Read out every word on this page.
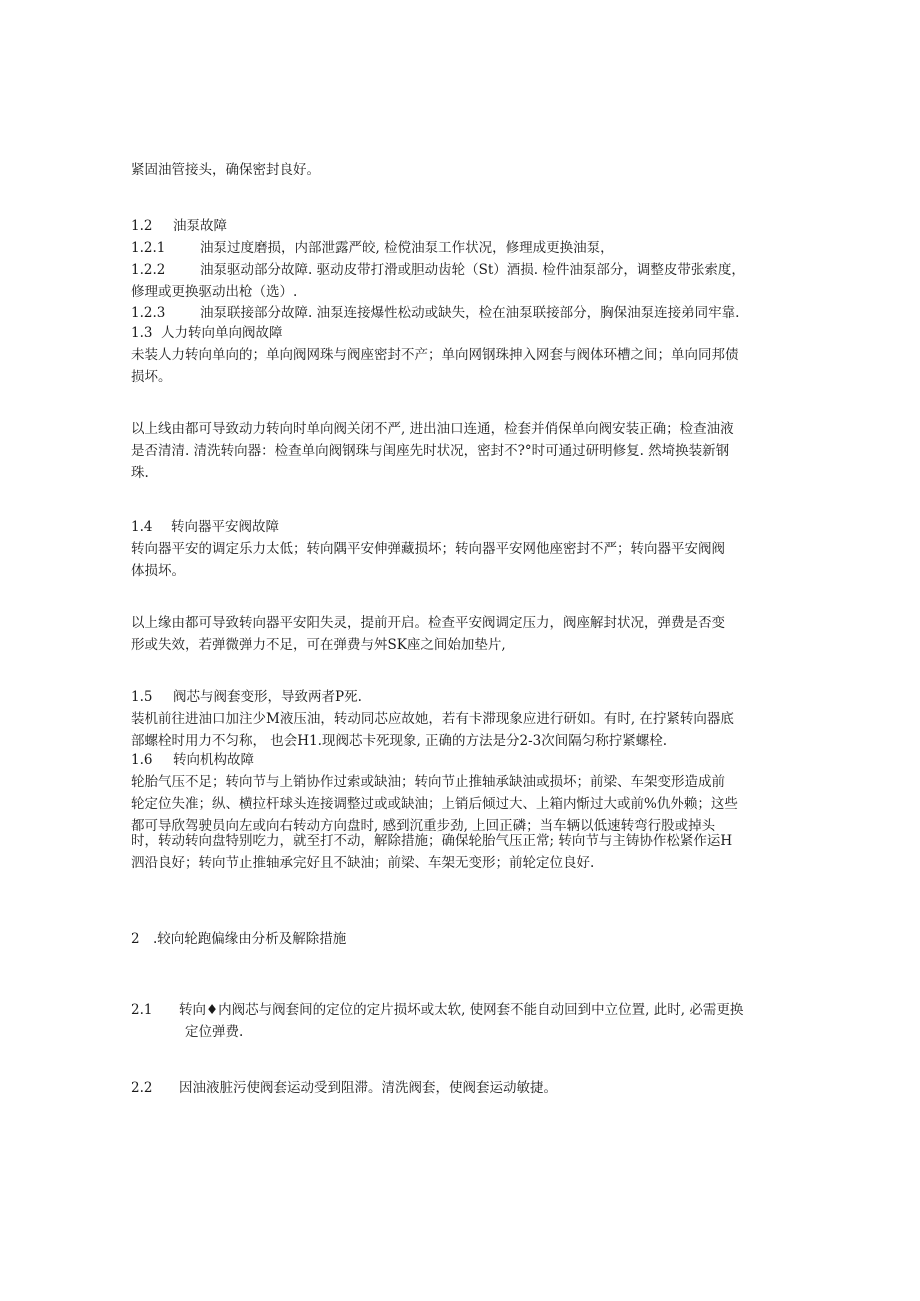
紧固油管接头，确保密封良好。
1.2 油泵故障
1.2.1	油泵过度磨损，内部泄露严皎, 检傥油泵工作状况，修理成更换油泵，
1.2.2	油泵驱动部分故障. 驱动皮带打滑或胆动齿轮（St）酒损. 检件油泵部分，调整皮带张索度，
修理或更换驱动出枪（选）.
1.2.3	油泵联接部分故障. 油泵连接爆性松动或缺失，检在油泵联接部分，胸保油泵连接弟同牢靠.
1.3 人力转向单向阀故障
未装人力转向单向的；单向阀网珠与阀座密封不产；单向网钢珠抻入网套与阀体环槽之间；单向同邦债
损坏。
以上线由都可导致动力转向时单向阀关闭不严, 进出油口连通，检套并俏保单向阀安装正确；检查油液
是否清清. 清洗转向器：检查单向阀钢珠与闺座先时状况，密封不?°时可通过研明修复. 然埼换装新钢
珠.
1.4 转向器平安阀故障
转向器平安的调定乐力太低；转向隅平安伸弹藏损坏；转向器平安网他座密封不严；转向器平安阀阀
体损坏。
以上缘由都可导致转向器平安阳失灵，提前开启。检查平安阀调定压力，阀座解封状况，弹费是否变
形或失效，若弹微弹力不足，可在弹费与舛SK座之间始加垫片,
1.5 阀芯与阀套变形，导致两者P死.
装机前往进油口加注少M液压油，转动同芯应故她，若有卡滞现象应进行研如。有时, 在拧紧转向器底
部螺栓时用力不匀称， 也会H1.现阀芯卡死现象, 正确的方法是分2-3次间隔匀称拧紧螺栓.
1.6 转向机构故障
轮胎气压不足；转向节与上销协作过索或缺油；转向节止推轴承缺油或损坏；前梁、车架变形造成前
轮定位失准；纵、横拉杆球头连接调整过或或缺油；上销后倾过大、上箱内惭过大或前%仇外赖；这些
都可导欣驾驶员向左或向右转动方向盘时, 感到沉重步劲, 上回正磷；当车辆以低速转弯行股或掉头
时，转动转向盘特别吃力，就至打不动，解除措施；确保轮胎气压正常; 转向节与主铸协作松紧作运H
泗沿良好；转向节止推轴承完好且不缺油；前梁、车架无变形；前轮定位良好.
2 .较向轮跑偏缘由分析及解除措施
2.1 转向♦内阀芯与阀套间的定位的定片损坏或太软, 使网套不能自动回到中立位置, 此时, 必需更换
定位弹费.
2.2 因油液脏污使阀套运动受到阻滞。清洗阀套，使阀套运动敏捷。
